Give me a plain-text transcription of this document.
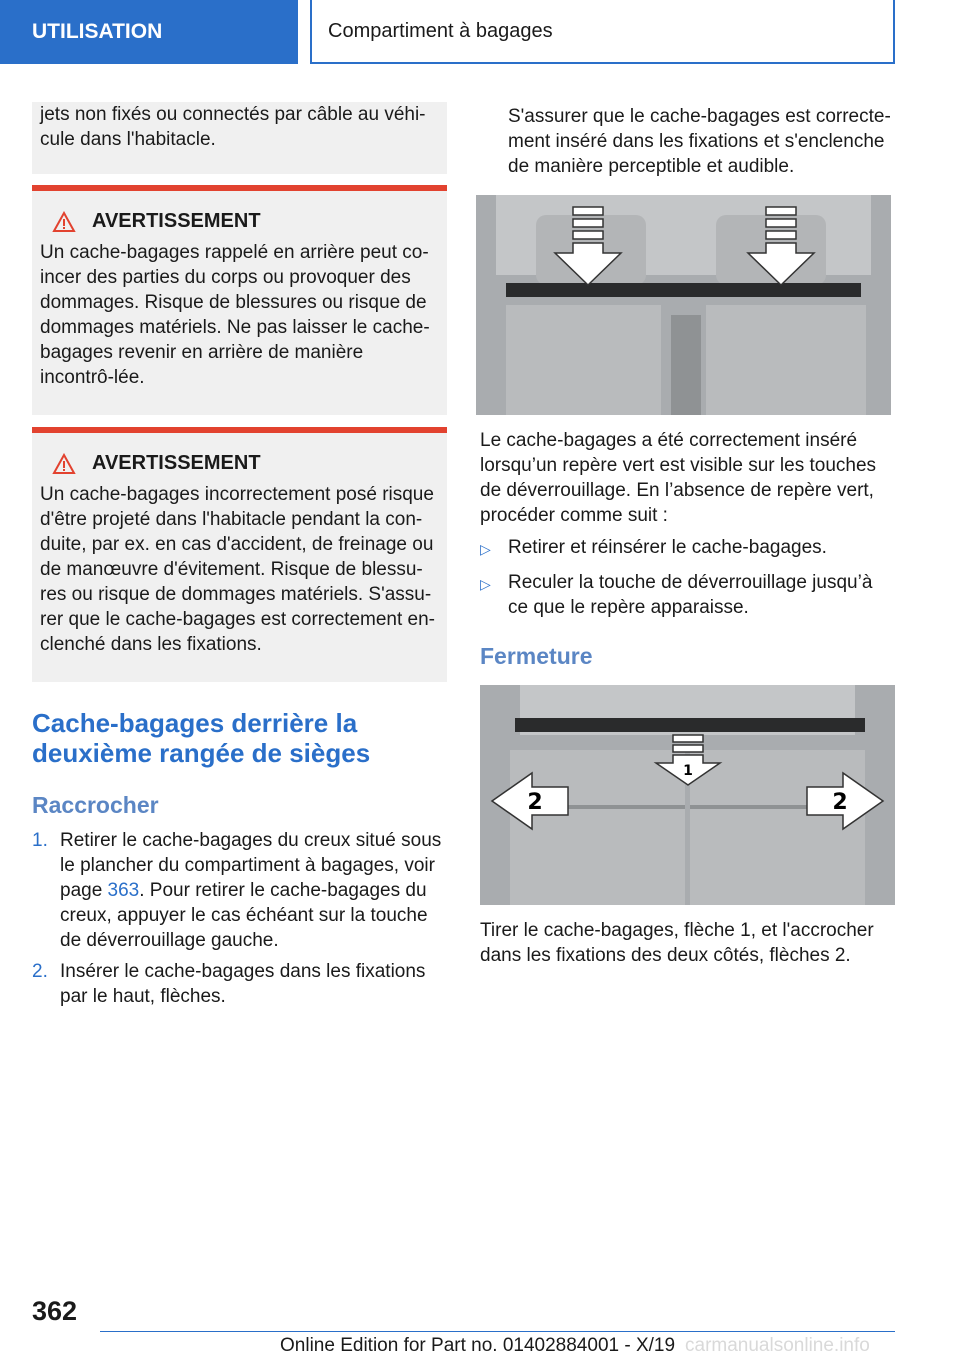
UTILISATION	Compartiment à bagages
jets non fixés ou connectés par câble au véhi-cule dans l'habitacle.
AVERTISSEMENT
Un cache-bagages rappelé en arrière peut co-incer des parties du corps ou provoquer des dommages. Risque de blessures ou risque de dommages matériels. Ne pas laisser le cache-bagages revenir en arrière de manière incontrô-lée.
AVERTISSEMENT
Un cache-bagages incorrectement posé risque d'être projeté dans l'habitacle pendant la con-duite, par ex. en cas d'accident, de freinage ou de manœuvre d'évitement. Risque de blessu-res ou risque de dommages matériels. S'assu-rer que le cache-bagages est correctement en-clenché dans les fixations.
Cache-bagages derrière la deuxième rangée de sièges
Raccrocher
1. Retirer le cache-bagages du creux situé sous le plancher du compartiment à bagages, voir page 363. Pour retirer le cache-bagages du creux, appuyer le cas échéant sur la touche de déverrouillage gauche.
2. Insérer le cache-bagages dans les fixations par le haut, flèches.
S'assurer que le cache-bagages est correcte-ment inséré dans les fixations et s'enclenche de manière perceptible et audible.
Le cache-bagages a été correctement inséré lorsqu’un repère vert est visible sur les touches de déverrouillage. En l’absence de repère vert, procéder comme suit :
▷ Retirer et réinsérer le cache-bagages.
▷ Reculer la touche de déverrouillage jusqu’à ce que le repère apparaisse.
Fermeture
1
2	2
Tirer le cache-bagages, flèche 1, et l'accrocher dans les fixations des deux côtés, flèches 2.
362
Online Edition for Part no. 01402884001 - X/19 carmanualsonline.info
